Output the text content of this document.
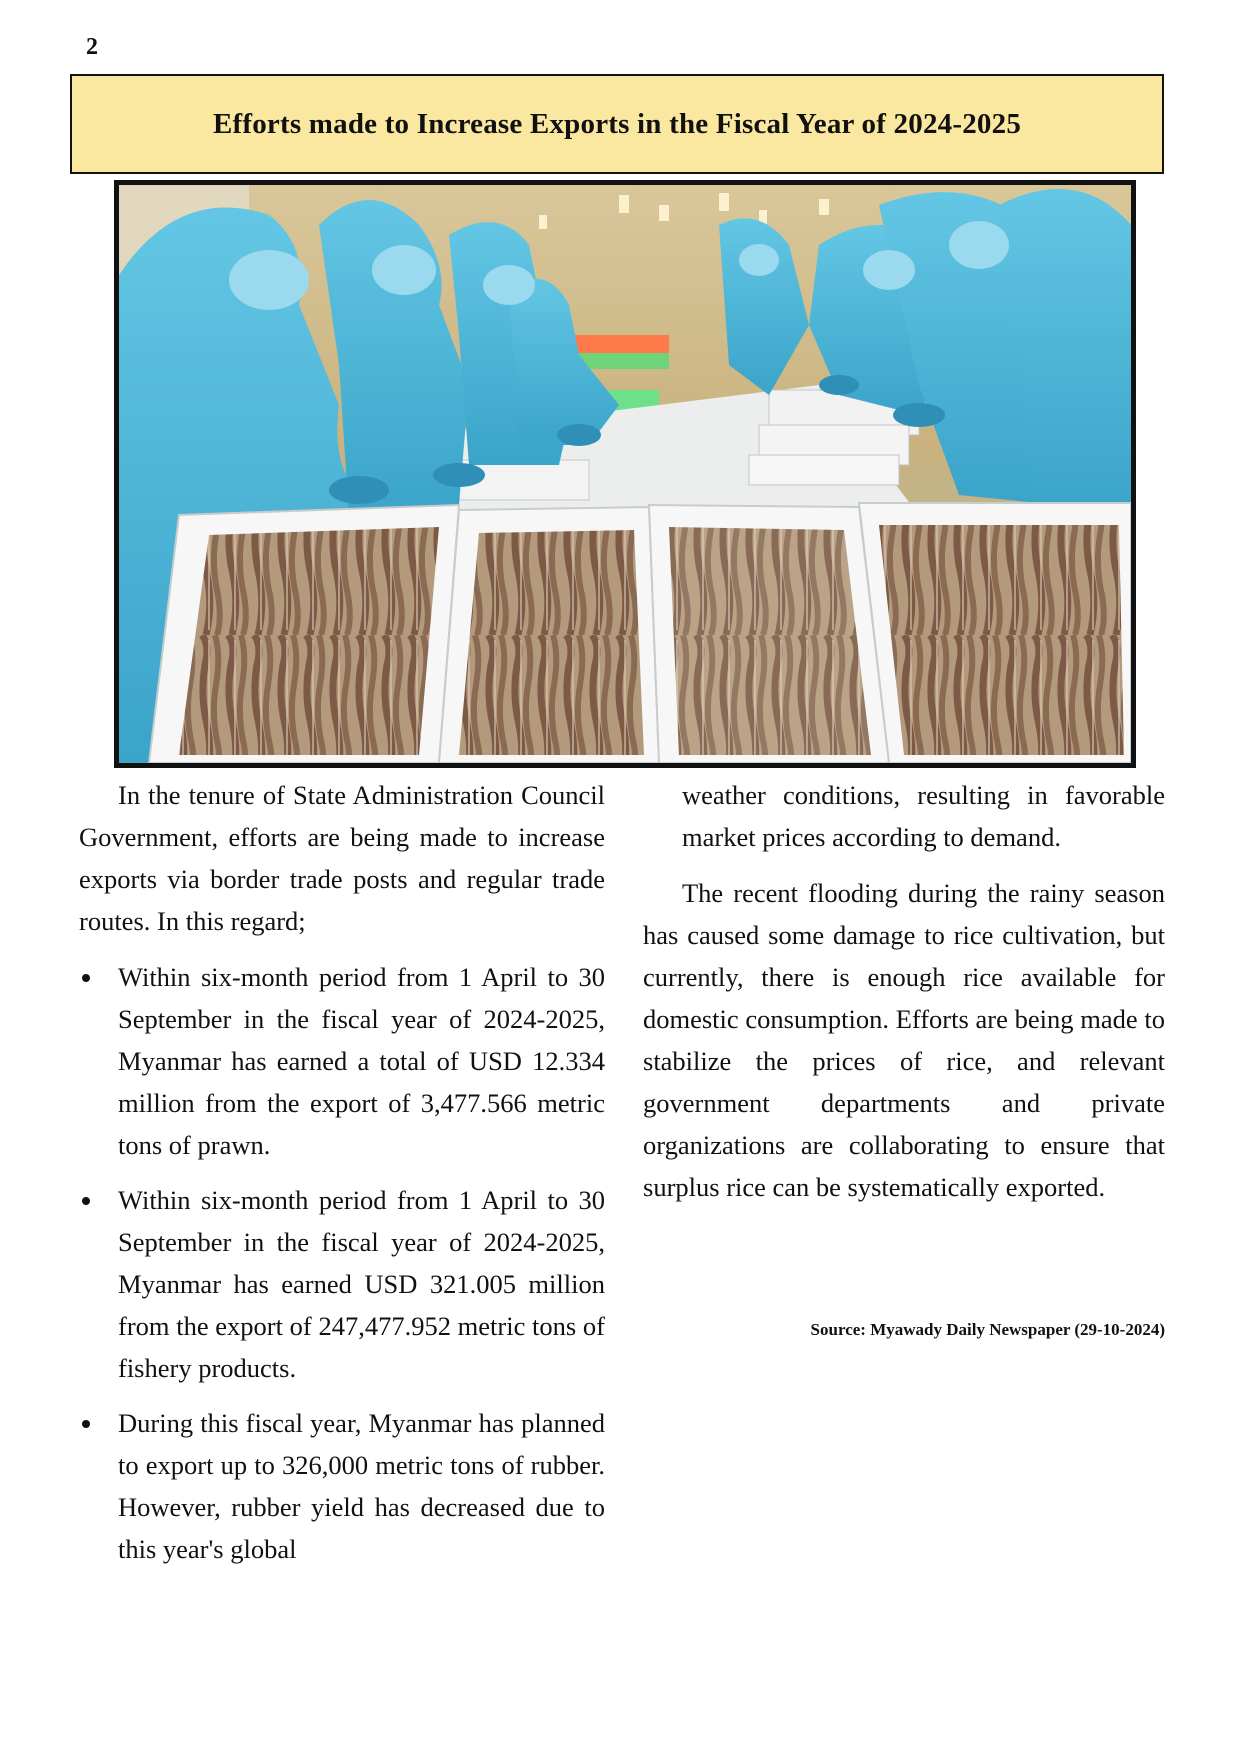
2
Efforts made to Increase Exports in the Fiscal Year of 2024-2025

In the tenure of State Administration Council Government, efforts are being made to increase exports via border trade posts and regular trade routes. In this regard;

Within six-month period from 1 April to 30 September in the fiscal year of 2024-2025, Myanmar has earned a total of USD 12.334 million from the export of 3,477.566 metric tons of prawn.
Within six-month period from 1 April to 30 September in the fiscal year of 2024-2025, Myanmar has earned USD 321.005 million from the export of 247,477.952 metric tons of fishery products.
During this fiscal year, Myanmar has planned to export up to 326,000 metric tons of rubber. However, rubber yield has decreased due to this year's global

weather conditions, resulting in favorable market prices according to demand.

The recent flooding during the rainy season has caused some damage to rice cultivation, but currently, there is enough rice available for domestic consumption. Efforts are being made to stabilize the prices of rice, and relevant government departments and private organizations are collaborating to ensure that surplus rice can be systematically exported.

Source: Myawady Daily Newspaper (29-10-2024)
